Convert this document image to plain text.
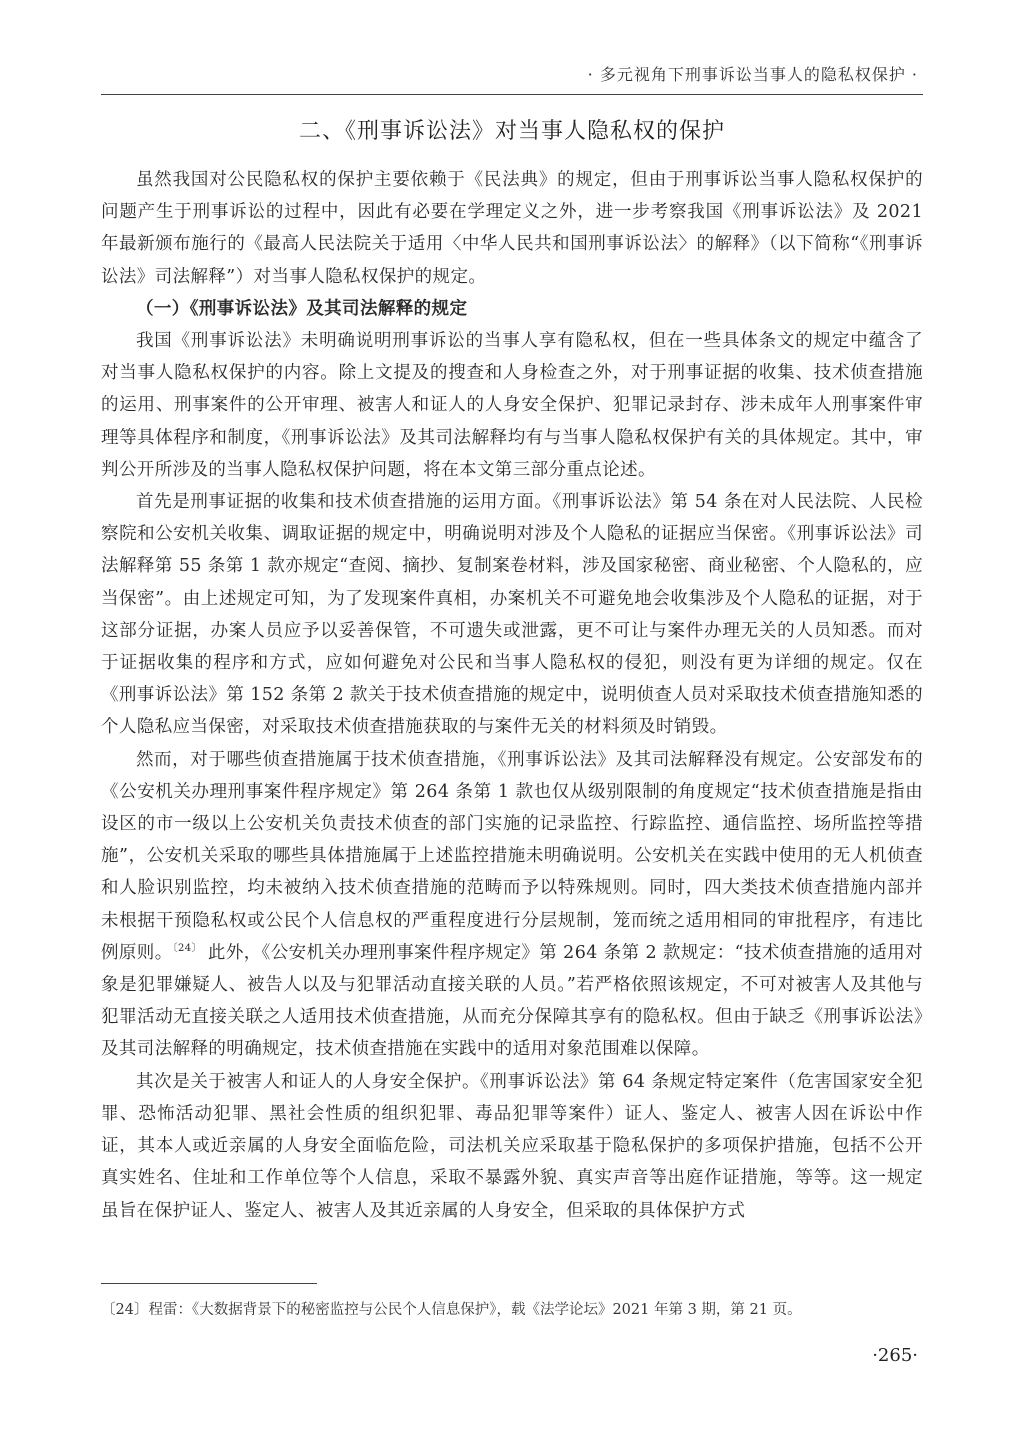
· 多元视角下刑事诉讼当事人的隐私权保护 ·
二、《刑事诉讼法》对当事人隐私权的保护

虽然我国对公民隐私权的保护主要依赖于《民法典》的规定，但由于刑事诉讼当事人隐私权保护的问题产生于刑事诉讼的过程中，因此有必要在学理定义之外，进一步考察我国《刑事诉讼法》及 2021 年最新颁布施行的《最高人民法院关于适用〈中华人民共和国刑事诉讼法〉的解释》（以下简称“《刑事诉讼法》司法解释”）对当事人隐私权保护的规定。

（一）《刑事诉讼法》及其司法解释的规定

我国《刑事诉讼法》未明确说明刑事诉讼的当事人享有隐私权，但在一些具体条文的规定中蕴含了对当事人隐私权保护的内容。除上文提及的搜查和人身检查之外，对于刑事证据的收集、技术侦查措施的运用、刑事案件的公开审理、被害人和证人的人身安全保护、犯罪记录封存、涉未成年人刑事案件审理等具体程序和制度，《刑事诉讼法》及其司法解释均有与当事人隐私权保护有关的具体规定。其中，审判公开所涉及的当事人隐私权保护问题，将在本文第三部分重点论述。

首先是刑事证据的收集和技术侦查措施的运用方面。《刑事诉讼法》第 54 条在对人民法院、人民检察院和公安机关收集、调取证据的规定中，明确说明对涉及个人隐私的证据应当保密。《刑事诉讼法》司法解释第 55 条第 1 款亦规定“查阅、摘抄、复制案卷材料，涉及国家秘密、商业秘密、个人隐私的，应当保密”。由上述规定可知，为了发现案件真相，办案机关不可避免地会收集涉及个人隐私的证据，对于这部分证据，办案人员应予以妥善保管，不可遗失或泄露，更不可让与案件办理无关的人员知悉。而对于证据收集的程序和方式，应如何避免对公民和当事人隐私权的侵犯，则没有更为详细的规定。仅在《刑事诉讼法》第 152 条第 2 款关于技术侦查措施的规定中，说明侦查人员对采取技术侦查措施知悉的个人隐私应当保密，对采取技术侦查措施获取的与案件无关的材料须及时销毁。

然而，对于哪些侦查措施属于技术侦查措施，《刑事诉讼法》及其司法解释没有规定。公安部发布的《公安机关办理刑事案件程序规定》第 264 条第 1 款也仅从级别限制的角度规定“技术侦查措施是指由设区的市一级以上公安机关负责技术侦查的部门实施的记录监控、行踪监控、通信监控、场所监控等措施”，公安机关采取的哪些具体措施属于上述监控措施未明确说明。公安机关在实践中使用的无人机侦查和人脸识别监控，均未被纳入技术侦查措施的范畴而予以特殊规则。同时，四大类技术侦查措施内部并未根据干预隐私权或公民个人信息权的严重程度进行分层规制，笼而统之适用相同的审批程序，有违比例原则。$^{〔24〕}$ 此外，《公安机关办理刑事案件程序规定》第 264 条第 2 款规定：“技术侦查措施的适用对象是犯罪嫌疑人、被告人以及与犯罪活动直接关联的人员。”若严格依照该规定，不可对被害人及其他与犯罪活动无直接关联之人适用技术侦查措施，从而充分保障其享有的隐私权。但由于缺乏《刑事诉讼法》及其司法解释的明确规定，技术侦查措施在实践中的适用对象范围难以保障。

其次是关于被害人和证人的人身安全保护。《刑事诉讼法》第 64 条规定特定案件（危害国家安全犯罪、恐怖活动犯罪、黑社会性质的组织犯罪、毒品犯罪等案件）证人、鉴定人、被害人因在诉讼中作证，其本人或近亲属的人身安全面临危险，司法机关应采取基于隐私保护的多项保护措施，包括不公开真实姓名、住址和工作单位等个人信息，采取不暴露外貌、真实声音等出庭作证措施，等等。这一规定虽旨在保护证人、鉴定人、被害人及其近亲属的人身安全，但采取的具体保护方式

〔24〕程雷：《大数据背景下的秘密监控与公民个人信息保护》，载《法学论坛》2021 年第 3 期，第 21 页。
·265·
